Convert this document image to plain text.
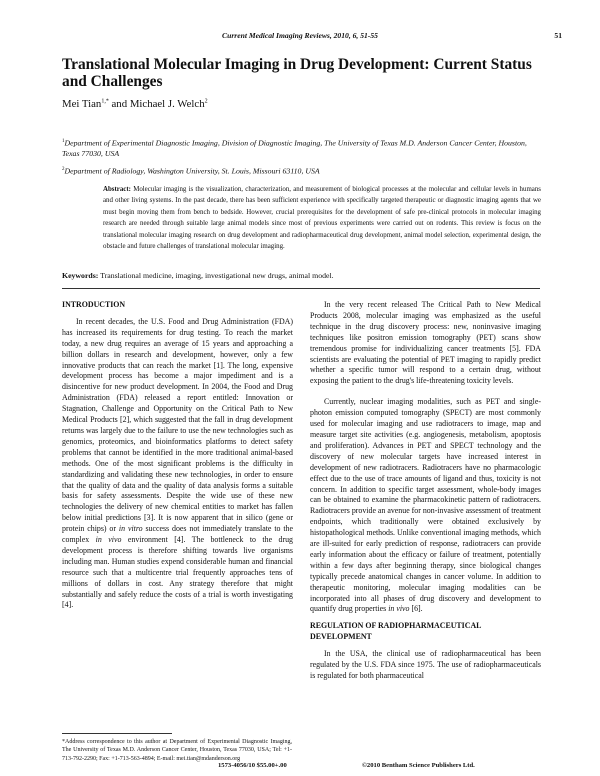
Current Medical Imaging Reviews, 2010, 6, 51-55	51
Translational Molecular Imaging in Drug Development: Current Status and Challenges
Mei Tian$^{1,*}$ and Michael J. Welch$^2$

$^1$Department of Experimental Diagnostic Imaging, Division of Diagnostic Imaging, The University of Texas M.D. Anderson Cancer Center, Houston, Texas 77030, USA

$^2$Department of Radiology, Washington University, St. Louis, Missouri 63110, USA

Abstract: Molecular imaging is the visualization, characterization, and measurement of biological processes at the molecular and cellular levels in humans and other living systems. In the past decade, there has been sufficient experience with specifically targeted therapeutic or diagnostic imaging agents that we must begin moving them from bench to bedside. However, crucial prerequisites for the development of safe pre-clinical protocols in molecular imaging research are needed through suitable large animal models since most of previous experiments were carried out on rodents. This review is focus on the translational molecular imaging research on drug development and radiopharmaceutical drug development, animal model selection, experimental design, the obstacle and future challenges of translational molecular imaging.

Keywords: Translational medicine, imaging, investigational new drugs, animal model.

INTRODUCTION

In recent decades, the U.S. Food and Drug Administration (FDA) has increased its requirements for drug testing. To reach the market today, a new drug requires an average of 15 years and approaching a billion dollars in research and development, however, only a few innovative products that can reach the market [1]. The long, expensive development process has become a major impediment and is a disincentive for new product development. In 2004, the Food and Drug Administration (FDA) released a report entitled: Innovation or Stagnation, Challenge and Opportunity on the Critical Path to New Medical Products [2], which suggested that the fall in drug development returns was largely due to the failure to use the new technologies such as genomics, proteomics, and bioinformatics platforms to detect safety problems that cannot be identified in the more traditional animal-based methods. One of the most significant problems is the difficulty in standardizing and validating these new technologies, in order to ensure that the quality of data and the quality of data analysis forms a suitable basis for safety assessments. Despite the wide use of these new technologies the delivery of new chemical entities to market has fallen below initial predictions [3]. It is now apparent that in silico (gene or protein chips) or in vitro success does not immediately translate to the complex in vivo environment [4]. The bottleneck to the drug development process is therefore shifting towards live organisms including man. Human studies expend considerable human and financial resource such that a multicentre trial frequently approaches tens of millions of dollars in cost. Any strategy therefore that might substantially and safely reduce the costs of a trial is worth investigating [4].

In the very recent released The Critical Path to New Medical Products 2008, molecular imaging was emphasized as the useful technique in the drug discovery process: new, noninvasive imaging techniques like positron emission tomography (PET) scans show tremendous promise for individualizing cancer treatments [5]. FDA scientists are evaluating the potential of PET imaging to rapidly predict whether a specific tumor will respond to a certain drug, without exposing the patient to the drug's life-threatening toxicity levels.

Currently, nuclear imaging modalities, such as PET and single-photon emission computed tomography (SPECT) are most commonly used for molecular imaging and use radiotracers to image, map and measure target site activities (e.g. angiogenesis, metabolism, apoptosis and proliferation). Advances in PET and SPECT technology and the discovery of new molecular targets have increased interest in development of new radiotracers. Radiotracers have no pharmacologic effect due to the use of trace amounts of ligand and thus, toxicity is not concern. In addition to specific target assessment, whole-body images can be obtained to examine the pharmacokinetic pattern of radiotracers. Radiotracers provide an avenue for non-invasive assessment of treatment endpoints, which traditionally were obtained exclusively by histopathological methods. Unlike conventional imaging methods, which are ill-suited for early prediction of response, radiotracers can provide early information about the efficacy or failure of treatment, potentially within a few days after beginning therapy, since biological changes typically precede anatomical changes in cancer volume. In addition to therapeutic monitoring, molecular imaging modalities can be incorporated into all phases of drug discovery and development to quantify drug properties in vivo [6].

REGULATION OF RADIOPHARMACEUTICAL DEVELOPMENT

In the USA, the clinical use of radiopharmaceutical has been regulated by the U.S. FDA since 1975. The use of radiopharmaceuticals is regulated for both pharmaceutical

*Address correspondence to this author at Department of Experimental Diagnostic Imaging, The University of Texas M.D. Anderson Cancer Center, Houston, Texas 77030, USA; Tel: +1-713-792-2290; Fax: +1-713-563-4894; E-mail: mei.tian@mdanderson.org

1573-4056/10 $55.00+.00	©2010 Bentham Science Publishers Ltd.
